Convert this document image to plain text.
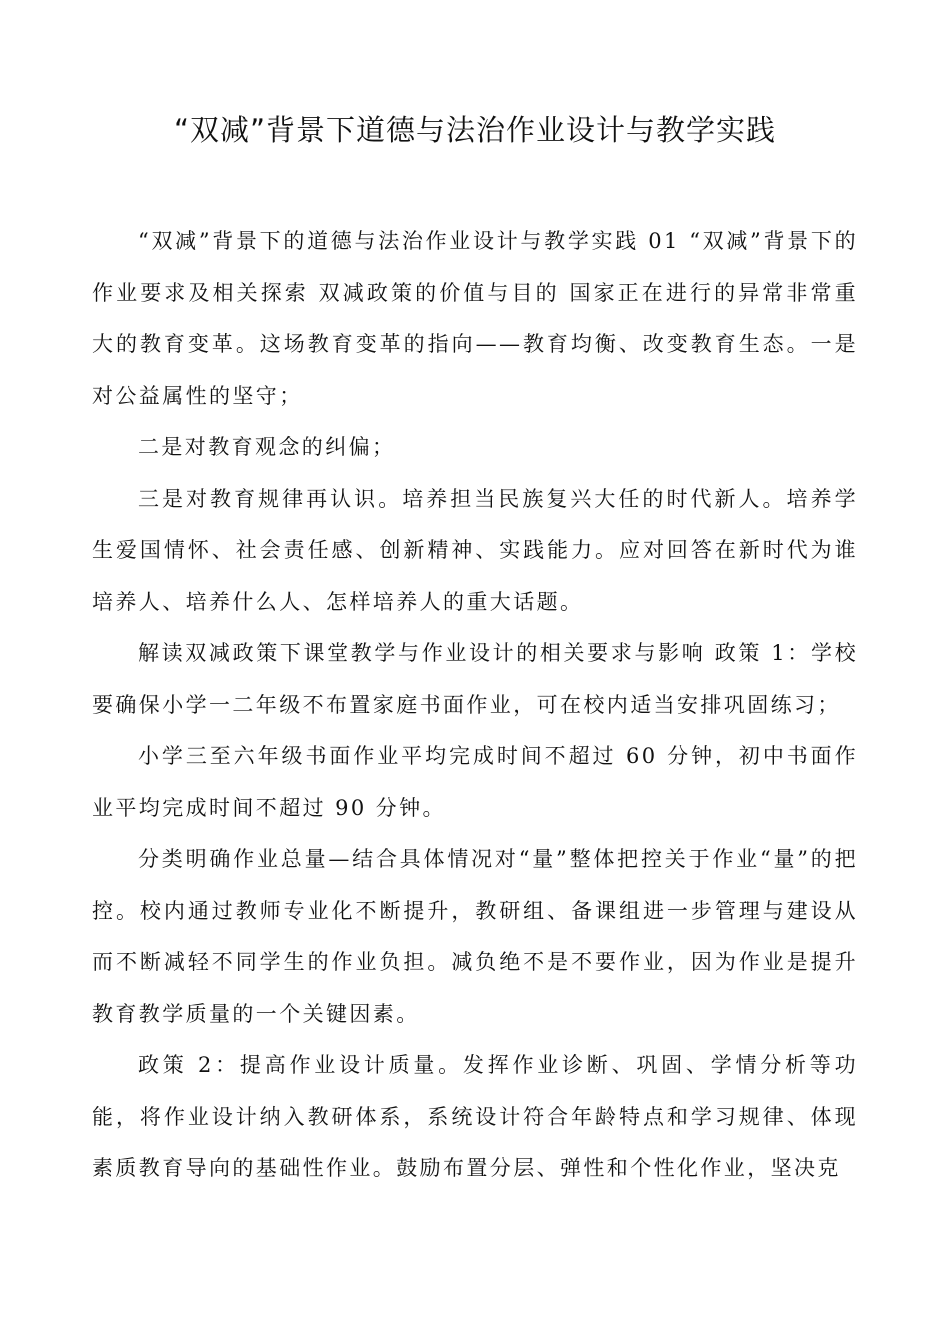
“双减”背景下道德与法治作业设计与教学实践

“双减”背景下的道德与法治作业设计与教学实践 01 “双减”背景下的作业要求及相关探索 双减政策的价值与目的 国家正在进行的异常非常重大的教育变革。这场教育变革的指向——教育均衡、改变教育生态。一是对公益属性的坚守；

二是对教育观念的纠偏；

三是对教育规律再认识。培养担当民族复兴大任的时代新人。培养学生爱国情怀、社会责任感、创新精神、实践能力。应对回答在新时代为谁培养人、培养什么人、怎样培养人的重大话题。

解读双减政策下课堂教学与作业设计的相关要求与影响 政策 1：学校要确保小学一二年级不布置家庭书面作业，可在校内适当安排巩固练习；

小学三至六年级书面作业平均完成时间不超过 60 分钟，初中书面作业平均完成时间不超过 90 分钟。

分类明确作业总量—结合具体情况对“量”整体把控关于作业“量”的把控。校内通过教师专业化不断提升，教研组、备课组进一步管理与建设从而不断减轻不同学生的作业负担。减负绝不是不要作业，因为作业是提升教育教学质量的一个关键因素。

政策 2：提高作业设计质量。发挥作业诊断、巩固、学情分析等功能，将作业设计纳入教研体系，系统设计符合年龄特点和学习规律、体现素质教育导向的基础性作业。鼓励布置分层、弹性和个性化作业，坚决克
